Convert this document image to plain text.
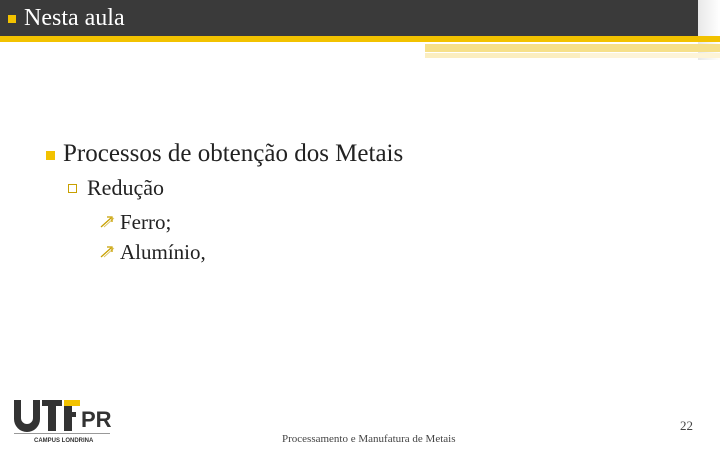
Nesta aula
Processos de obtenção dos Metais
Redução
Ferro;
Alumínio,
PR
CAMPUS LONDRINA	Processamento e Manufatura de Metais
22
